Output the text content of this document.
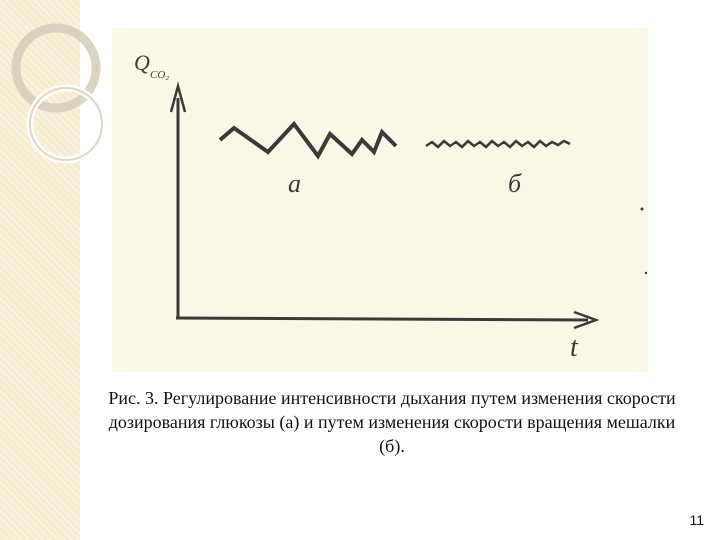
Q CO₂
t
а	б
Рис. 3. Регулирование интенсивности дыхания путем изменения скорости дозирования глюкозы (а) и путем изменения скорости вращения мешалки (б).
11
